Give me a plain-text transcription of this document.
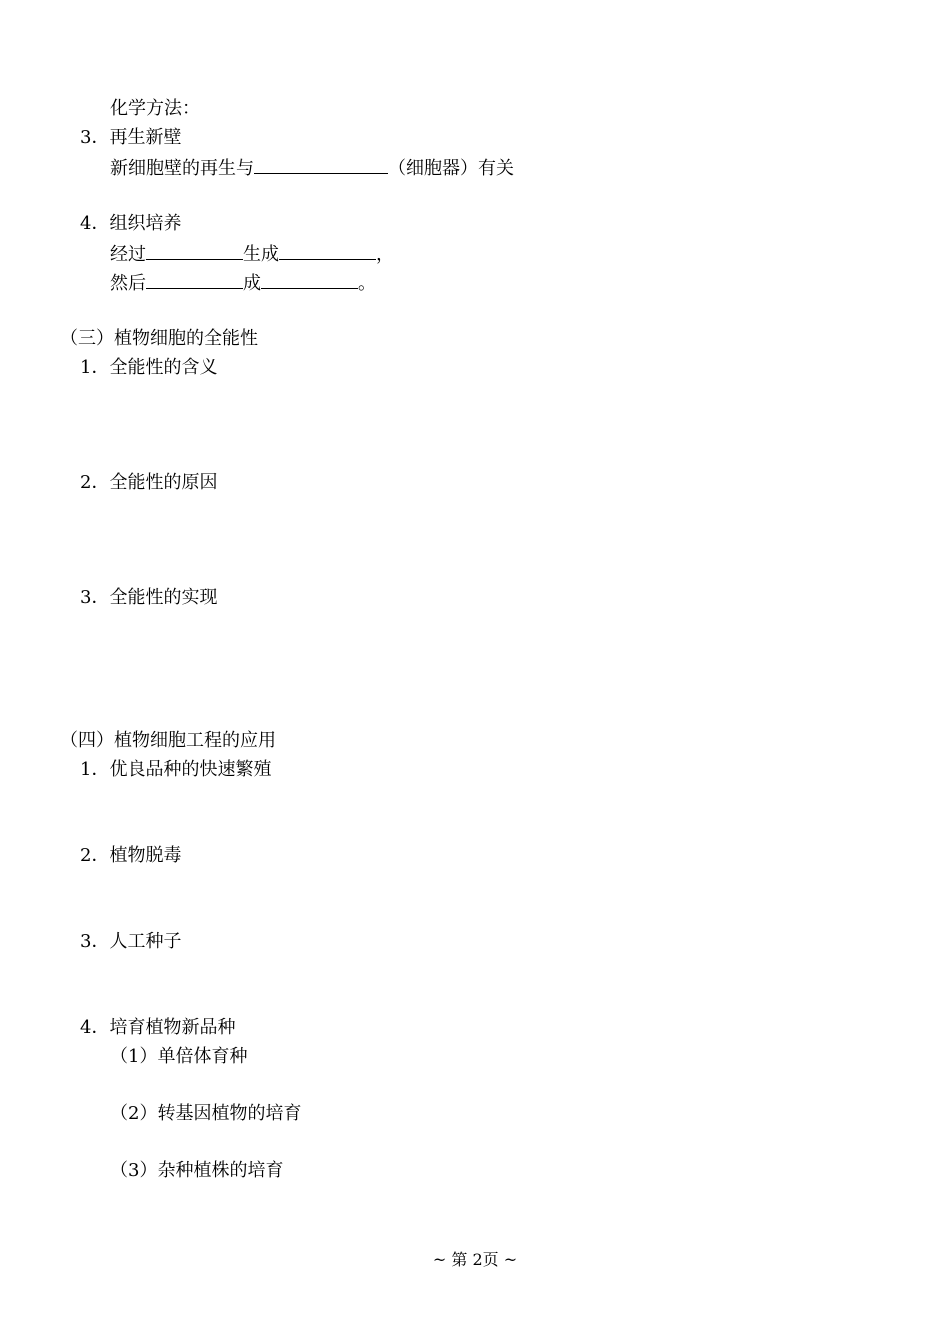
化学方法：
3．再生新壁
新细胞壁的再生与	（细胞器）有关
4．组织培养
经过	生成	，
然后	成	。
（三）植物细胞的全能性
1．全能性的含义
2．全能性的原因
3．全能性的实现
（四）植物细胞工程的应用
1．优良品种的快速繁殖
2．植物脱毒
3．人工种子
4．培育植物新品种
（1）单倍体育种
（2）转基因植物的培育
（3）杂种植株的培育
~ 第 2页 ~
